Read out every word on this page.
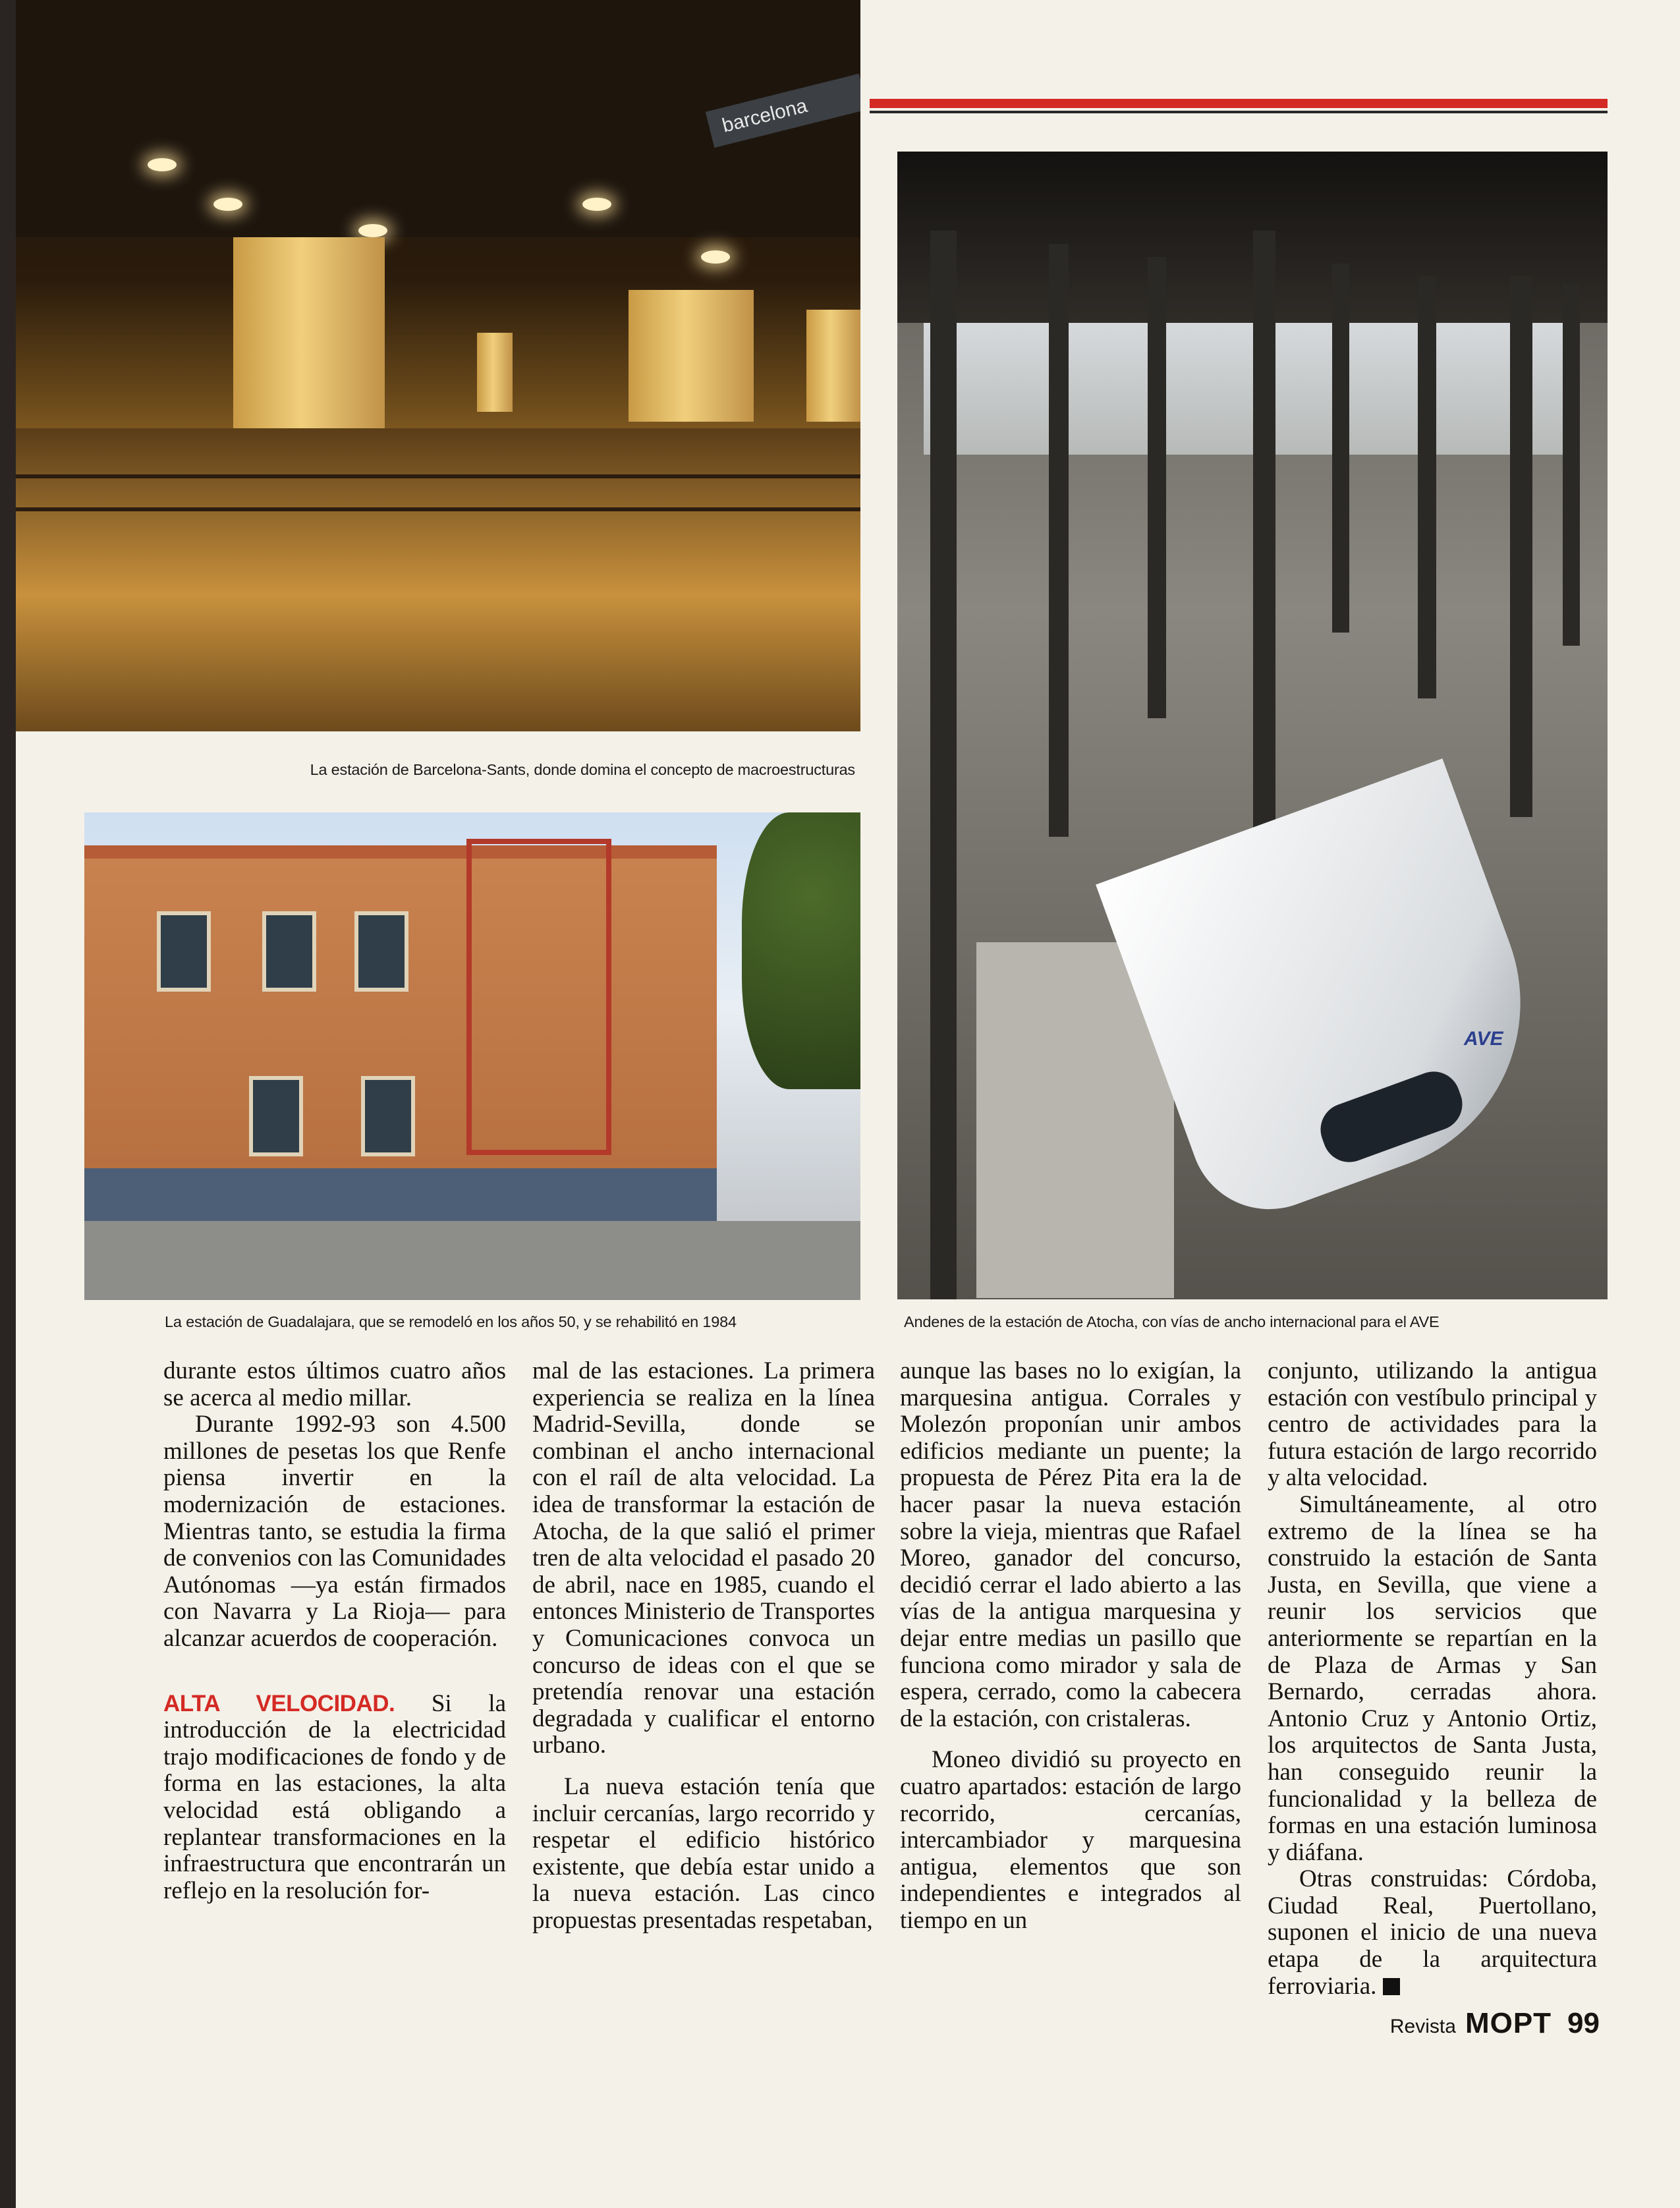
barcelona
AVE
La estación de Barcelona-Sants, donde domina el concepto de macroestructuras
La estación de Guadalajara, que se remodeló en los años 50, y se rehabilitó en 1984	Andenes de la estación de Atocha, con vías de ancho internacional para el AVE

durante estos últimos cuatro años se acerca al medio millar.

Durante 1992-93 son 4.500 millones de pesetas los que Renfe piensa invertir en la modernización de estaciones. Mientras tanto, se estudia la firma de convenios con las Comunidades Autónomas —ya están firmados con Navarra y La Rioja— para alcanzar acuerdos de cooperación.

ALTA VELOCIDAD. Si la introducción de la electricidad trajo modificaciones de fondo y de forma en las estaciones, la alta velocidad está obligando a replantear transformaciones en la infraestructura que encontrarán un reflejo en la resolución for-

mal de las estaciones. La primera experiencia se realiza en la línea Madrid-Sevilla, donde se combinan el ancho internacional con el raíl de alta velocidad. La idea de transformar la estación de Atocha, de la que salió el primer tren de alta velocidad el pasado 20 de abril, nace en 1985, cuando el entonces Ministerio de Transportes y Comunicaciones convoca un concurso de ideas con el que se pretendía renovar una estación degradada y cualificar el entorno urbano.

La nueva estación tenía que incluir cercanías, largo recorrido y respetar el edificio histórico existente, que debía estar unido a la nueva estación. Las cinco propuestas presentadas respetaban,

aunque las bases no lo exigían, la marquesina antigua. Corrales y Molezón proponían unir ambos edificios mediante un puente; la propuesta de Pérez Pita era la de hacer pasar la nueva estación sobre la vieja, mientras que Rafael Moreo, ganador del concurso, decidió cerrar el lado abierto a las vías de la antigua marquesina y dejar entre medias un pasillo que funciona como mirador y sala de espera, cerrado, como la cabecera de la estación, con cristaleras.

Moneo dividió su proyecto en cuatro apartados: estación de largo recorrido, cercanías, intercambiador y marquesina antigua, elementos que son independientes e integrados al tiempo en un

conjunto, utilizando la antigua estación con vestíbulo principal y centro de actividades para la futura estación de largo recorrido y alta velocidad.

Simultáneamente, al otro extremo de la línea se ha construido la estación de Santa Justa, en Sevilla, que viene a reunir los servicios que anteriormente se repartían en la de Plaza de Armas y San Bernardo, cerradas ahora. Antonio Cruz y Antonio Ortiz, los arquitectos de Santa Justa, han conseguido reunir la funcionalidad y la belleza de formas en una estación luminosa y diáfana.

Otras construidas: Córdoba, Ciudad Real, Puertollano, suponen el inicio de una nueva etapa de la arquitectura ferroviaria.

Revista MOPT 99
